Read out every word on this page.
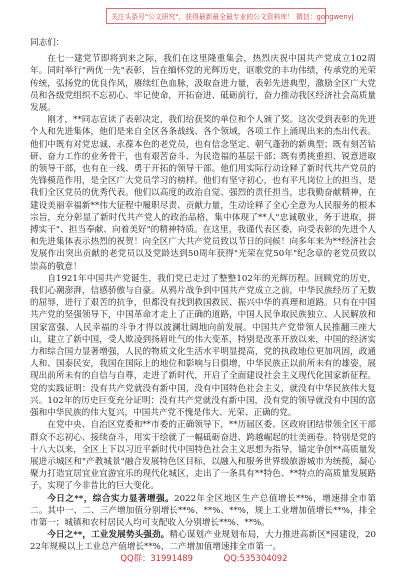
关注头条号"公文研究"，获得最新最全最专业的公文资料库！ 微信：gongwenyj

同志们：

在七一建党节即将到来之际，我们在这里隆重集会，热烈庆祝中国共产党成立102周年。同时举行"两优一先"表彰，旨在缅怀党的光辉历史，讴歌党的丰功伟绩，传承党的光荣传统，弘扬党的优良作风，赓续红色血脉，汲取奋进力量，表彰先进典型，激励全区广大党员和各级党组织不忘初心、牢记使命，开拓奋进、砥砺前行，奋力推动我区经济社会高质量发展。

刚才，**同志宣读了表彰决定，我们给获奖的单位和个人颁了奖。这次受到表彰的先进个人和先进集体，他们是来自全区各条战线、各个领域，各项工作上涌现出来的杰出代表。他们中既有对党忠诚、永葆本色的老党员，也有信念坚定、朝气蓬勃的新典型；既有刻苦钻研、奋力工作的业务骨干，也有艰苦奋斗、为民造福的基层干部；既有勇挑重担、锐意进取的领导干部，也有在一线、勇于开拓的领导干部。他们用实际行动诠释了新时代共产党员的先锋模范作用，是全区广大党员学习的榜样。他们有坚守初心，也有平凡岗位上的担当，是我们全区党员的优秀代表。他们以高度的政治自觉、强烈的责任担当，忠我勤奋献精神，在建设美丽幸福新**伟大征程中履职尽责、贡献力量，生动诠释了全心全意为人民服务的根本宗旨，充分彰显了新时代共产党人的政治品格，集中体现了**人"忠诚敬业，务于进取，拼搏实干"、担当奉献、向着美好"的精神特质。在这里，我谨代表区委，向受表彰的先进个人和先进集体表示热烈的祝贺！向全区广大共产党员致以节日的问候！向多年来为**经济社会发展作出突出贡献的老党员以及党龄达到50周年获得"光荣在党50年"纪念章的老党员致以崇高的敬意！

自1921年中国共产党诞生，我们党已走过了整整102年的光辉历程。回顾党的历史，我们心潮澎湃，信感骄傲与自豪。从鸦片战争到中国共产党成立之前，中华民族经历了无数的屈辱，进行了艰苦的抗争，但都没有找到救国救民、振兴中华的真理和道路。只有在中国共产党的坚强领导下，中国革命才走上了正确的道路，中国人民争取民族独立、人民解放和国家富强、人民幸福的斗争才得以波澜壮阔地向前发展。中国共产党带领人民推翻三座大山，建立了新中国，受人欺凌到扬眉吐气的伟大变革，特别是改革开放以来，中国的经济实力和综合国力显著增强，人民的物质文化生活水平明显提高，党的执政地位更加巩固，政通人和、国泰民安，我国在国际上的地位和影响与日俱增，中华民族正以前所未有的雄姿，展现出前所未有的自信与自尊，走进了新时代，开启了全面建设社会主义现代化国家新征程。党的实践证明：没有共产党就没有新中国，没有中国特色社会主义，就没有中华民族伟大复兴。102年的历史巨变充分证明：没有共产党就没有新中国，没有党的领导就没有中国的富强和中华民族的伟大复兴，中国共产党不愧是伟大、光荣、正确的党。

在党中央、自治区党委和**市委的正确领导下，**历届区委、区政府团结带领全区干部群众不忘初心、接续奋斗，用实干绘就了一幅砥砺奋进、跨越崛起的壮美画卷。特别是党的十八大以来，全区上下以习近平新时代中国特色社会主义思想为指导，锚定争创**高质量发展进示城区和"产教城景"融合发展特色区目标，以融入和服务世界级旅游城市为统揽，凝心聚力打造宜居宜业宜游宜乐的现代化城区，走出了一条具有**特色、**特点的高质量发展路子，实现了今非昔比的巨大变化。

今日之**，综合实力显著增强。2022年全区地区生产总值增长**%，增速排全市第二。其中一、二、三产增加值分别增长**%、**%、**%，规上工业增加值增长**%，排全市第一；城镇和农村居民人均可支配收入分别增长**%、**%。

今日之**，工业发展势头强劲。精心谋划产业规划布局，大力推进高新区*园建设，2022年规模以上工业总产值增长**%，二产增加值增速排全市第一。

QQ群：31991489	QQ:535304092
